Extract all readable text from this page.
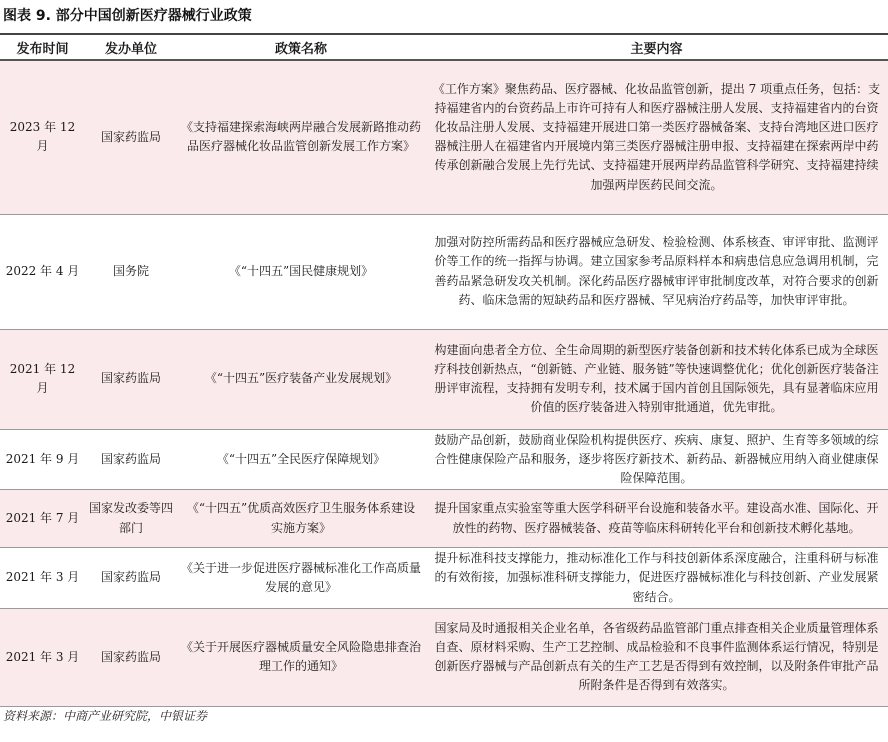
图表 9. 部分中国创新医疗器械行业政策
发布时间	发办单位	政策名称	主要内容
2023 年 12 月	国家药监局	《支持福建探索海峡两岸融合发展新路推动药品医疗器械化妆品监管创新发展工作方案》	《工作方案》聚焦药品、医疗器械、化妆品监管创新，提出 7 项重点任务，包括：支持福建省内的台资药品上市许可持有人和医疗器械注册人发展、支持福建省内的台资化妆品注册人发展、支持福建开展进口第一类医疗器械备案、支持台湾地区进口医疗器械注册人在福建省内开展境内第三类医疗器械注册申报、支持福建在探索两岸中药传承创新融合发展上先行先试、支持福建开展两岸药品监管科学研究、支持福建持续加强两岸医药民间交流。
2022 年 4 月	国务院	《“十四五”国民健康规划》	加强对防控所需药品和医疗器械应急研发、检验检测、体系核查、审评审批、监测评价等工作的统一指挥与协调。建立国家参考品原料样本和病患信息应急调用机制，完善药品紧急研发攻关机制。深化药品医疗器械审评审批制度改革，对符合要求的创新药、临床急需的短缺药品和医疗器械、罕见病治疗药品等，加快审评审批。
2021 年 12 月	国家药监局	《“十四五”医疗装备产业发展规划》	构建面向患者全方位、全生命周期的新型医疗装备创新和技术转化体系已成为全球医疗科技创新热点，“创新链、产业链、服务链”等快速调整优化；优化创新医疗装备注册评审流程，支持拥有发明专利，技术属于国内首创且国际领先，具有显著临床应用价值的医疗装备进入特别审批通道，优先审批。
2021 年 9 月	国家药监局	《“十四五”全民医疗保障规划》	鼓励产品创新，鼓励商业保险机构提供医疗、疾病、康复、照护、生育等多领域的综合性健康保险产品和服务，逐步将医疗新技术、新药品、新器械应用纳入商业健康保险保障范围。
2021 年 7 月	国家发改委等四部门	《“十四五”优质高效医疗卫生服务体系建设实施方案》	提升国家重点实验室等重大医学科研平台设施和装备水平。建设高水准、国际化、开放性的药物、医疗器械装备、疫苗等临床科研转化平台和创新技术孵化基地。
2021 年 3 月	国家药监局	《关于进一步促进医疗器械标准化工作高质量发展的意见》	提升标准科技支撑能力，推动标准化工作与科技创新体系深度融合，注重科研与标准的有效衔接，加强标准科研支撑能力，促进医疗器械标准化与科技创新、产业发展紧密结合。
2021 年 3 月	国家药监局	《关于开展医疗器械质量安全风险隐患排查治理工作的通知》	国家局及时通报相关企业名单，各省级药品监管部门重点排查相关企业质量管理体系自查、原材料采购、生产工艺控制、成品检验和不良事件监测体系运行情况，特别是创新医疗器械与产品创新点有关的生产工艺是否得到有效控制，以及附条件审批产品所附条件是否得到有效落实。
资料来源：中商产业研究院，中银证券
